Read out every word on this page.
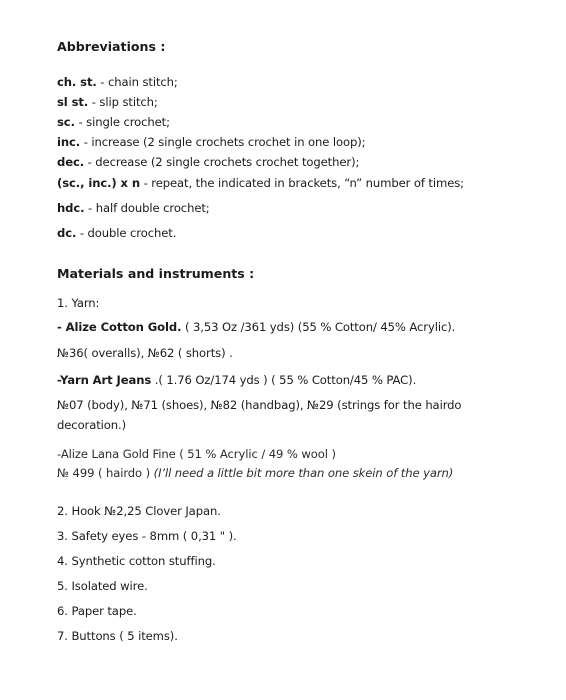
Abbreviations :
ch. st. - chain stitch;
sl st. - slip stitch;
sc. - single crochet;
inc. - increase (2 single crochets crochet in one loop);
dec. - decrease (2 single crochets crochet together);
(sc., inc.) x n - repeat, the indicated in brackets, “n” number of times;
hdc. - half double crochet;
dc. - double crochet.
Materials and instruments :
1. Yarn:
- Alize Cotton Gold. ( 3,53 Oz /361 yds) (55 % Cotton/ 45% Acrylic).
№36( overalls), №62 ( shorts) .
-Yarn Art Jeans .( 1.76 Oz/174 yds ) ( 55 % Cotton/45 % PAC).
№07 (body), №71 (shoes), №82 (handbag), №29 (strings for the hairdo
decoration.)
-Alize Lana Gold Fine ( 51 % Acrylic / 49 % wool )
№ 499 ( hairdo ) (I’ll need a little bit more than one skein of the yarn)
2. Hook №2,25 Clover Japan.
3. Safety eyes - 8mm ( 0,31 " ).
4. Synthetic cotton stuffing.
5. Isolated wire.
6. Paper tape.
7. Buttons ( 5 items).
